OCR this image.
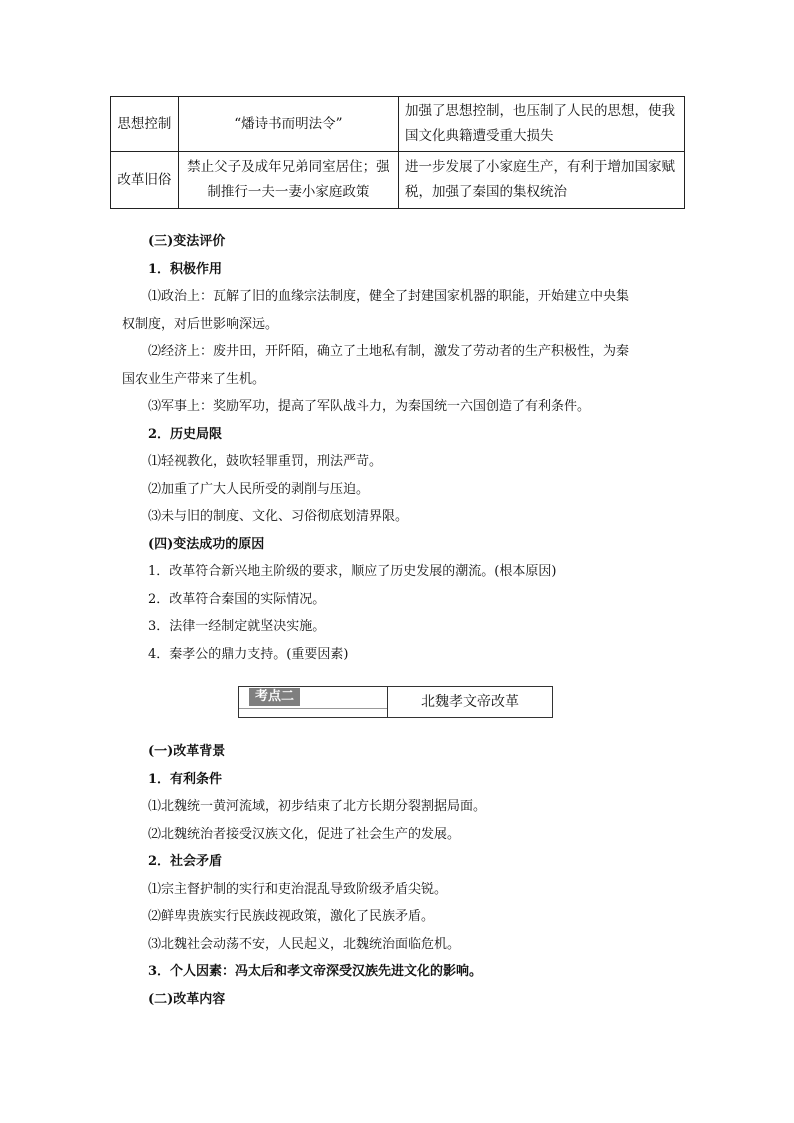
思想控制	“燔诗书而明法令”	加强了思想控制，也压制了人民的思想，使我国文化典籍遭受重大损失
改革旧俗	禁止父子及成年兄弟同室居住；强制推行一夫一妻小家庭政策	进一步发展了小家庭生产，有利于增加国家赋税，加强了秦国的集权统治
(三)变法评价
1．积极作用
⑴政治上：瓦解了旧的血缘宗法制度，健全了封建国家机器的职能，开始建立中央集
权制度，对后世影响深远。
⑵经济上：废井田，开阡陌，确立了土地私有制，激发了劳动者的生产积极性，为秦
国农业生产带来了生机。
⑶军事上：奖励军功，提高了军队战斗力，为秦国统一六国创造了有利条件。
2．历史局限
⑴轻视教化，鼓吹轻罪重罚，刑法严苛。
⑵加重了广大人民所受的剥削与压迫。
⑶未与旧的制度、文化、习俗彻底划清界限。
(四)变法成功的原因
1．改革符合新兴地主阶级的要求，顺应了历史发展的潮流。(根本原因)
2．改革符合秦国的实际情况。
3．法律一经制定就坚决实施。
4．秦孝公的鼎力支持。(重要因素)
考点二	北魏孝文帝改革
(一)改革背景
1．有利条件
⑴北魏统一黄河流域，初步结束了北方长期分裂割据局面。
⑵北魏统治者接受汉族文化，促进了社会生产的发展。
2．社会矛盾
⑴宗主督护制的实行和吏治混乱导致阶级矛盾尖锐。
⑵鲜卑贵族实行民族歧视政策，激化了民族矛盾。
⑶北魏社会动荡不安，人民起义，北魏统治面临危机。
3．个人因素：冯太后和孝文帝深受汉族先进文化的影响。
(二)改革内容
